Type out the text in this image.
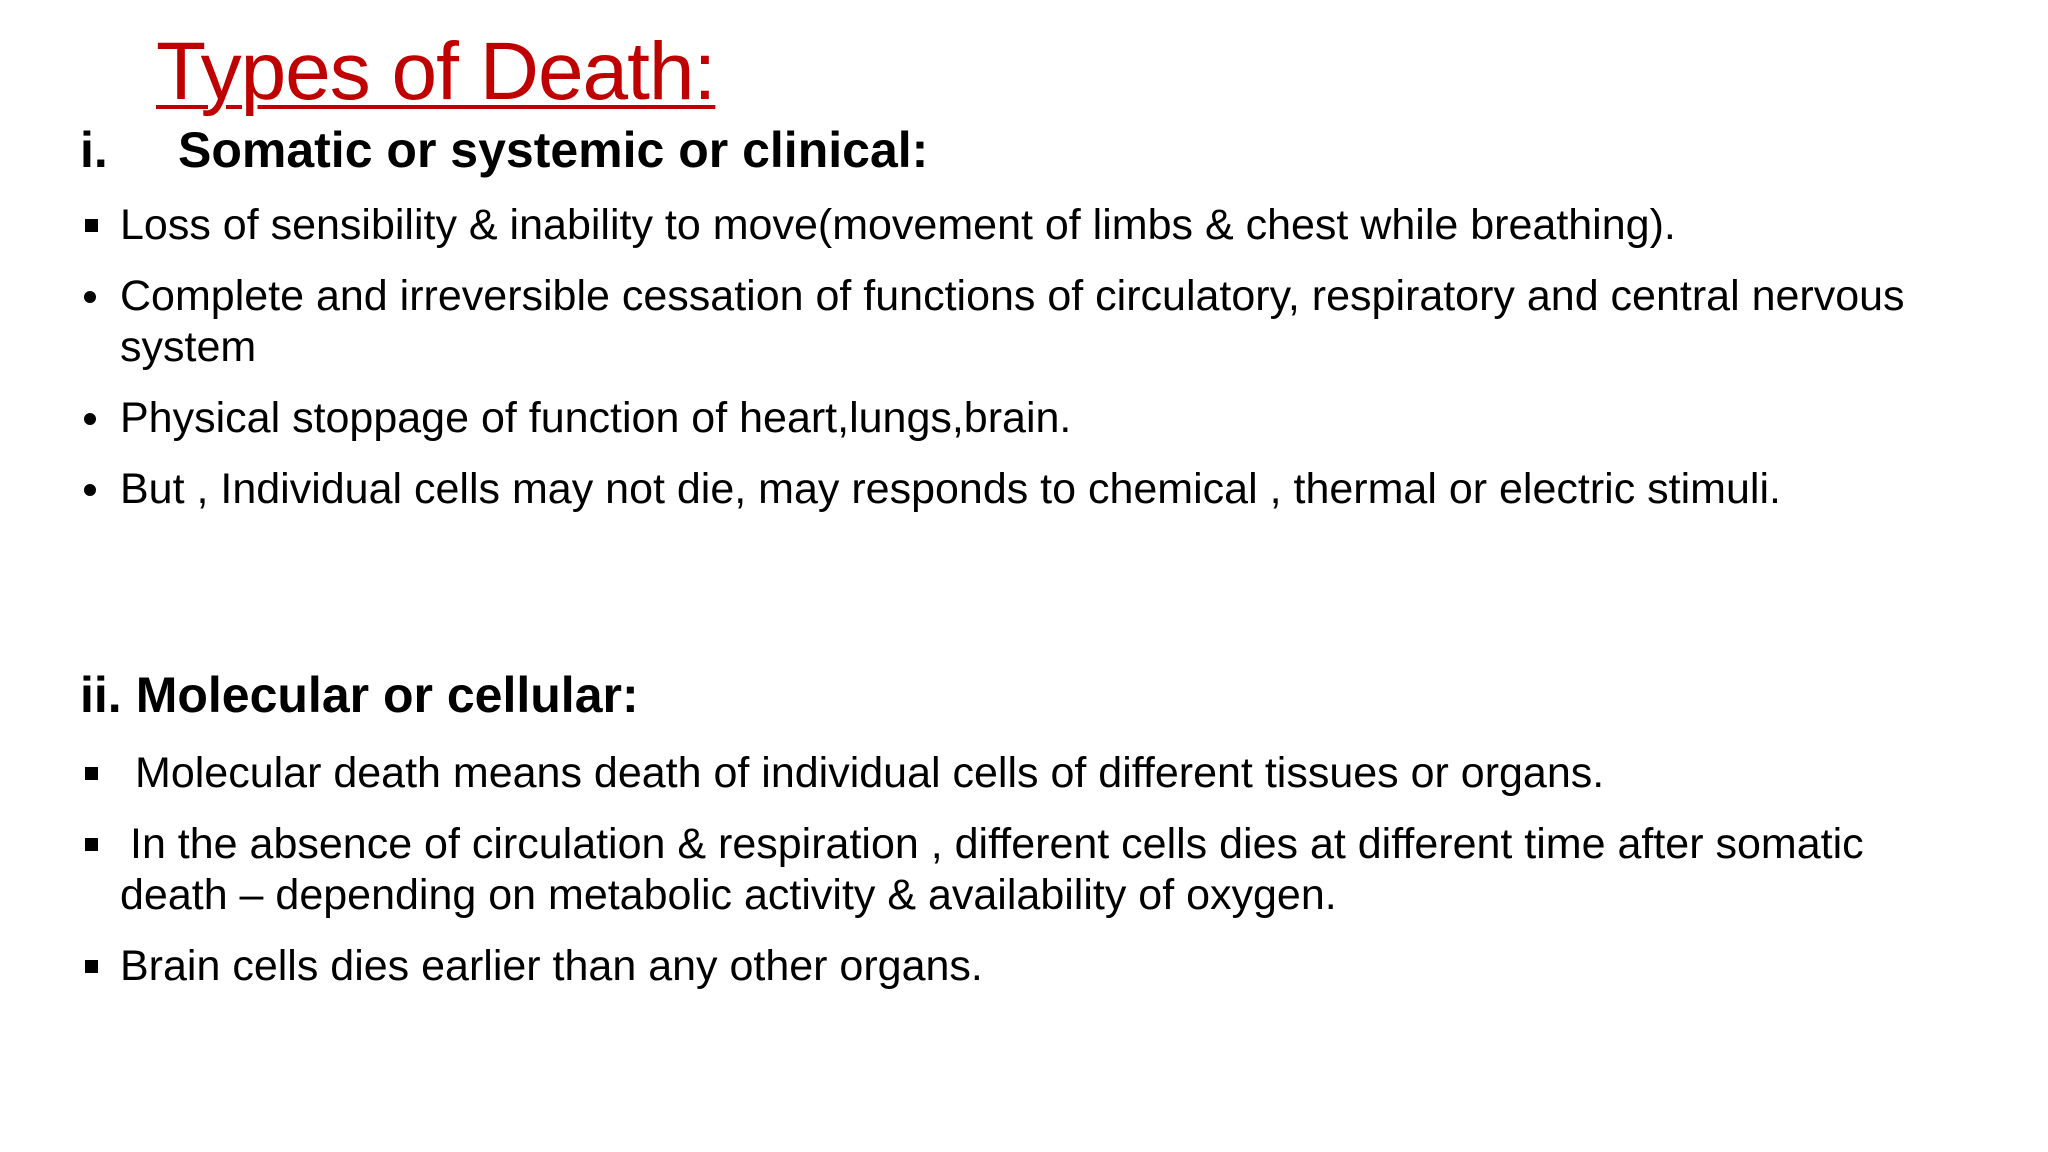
Types of Death:
i. Somatic or systemic or clinical:
Loss of sensibility & inability to move(movement of limbs & chest while breathing).
Complete and irreversible cessation of functions of circulatory, respiratory and central nervous system
Physical stoppage of function of heart,lungs,brain.
But , Individual cells may not die, may responds to chemical , thermal or electric stimuli.
ii. Molecular or cellular:
Molecular death means death of individual cells of different tissues or organs.
In the absence of circulation & respiration , different cells dies at different time after somatic death – depending on metabolic activity & availability of oxygen.
Brain cells dies earlier than any other organs.
